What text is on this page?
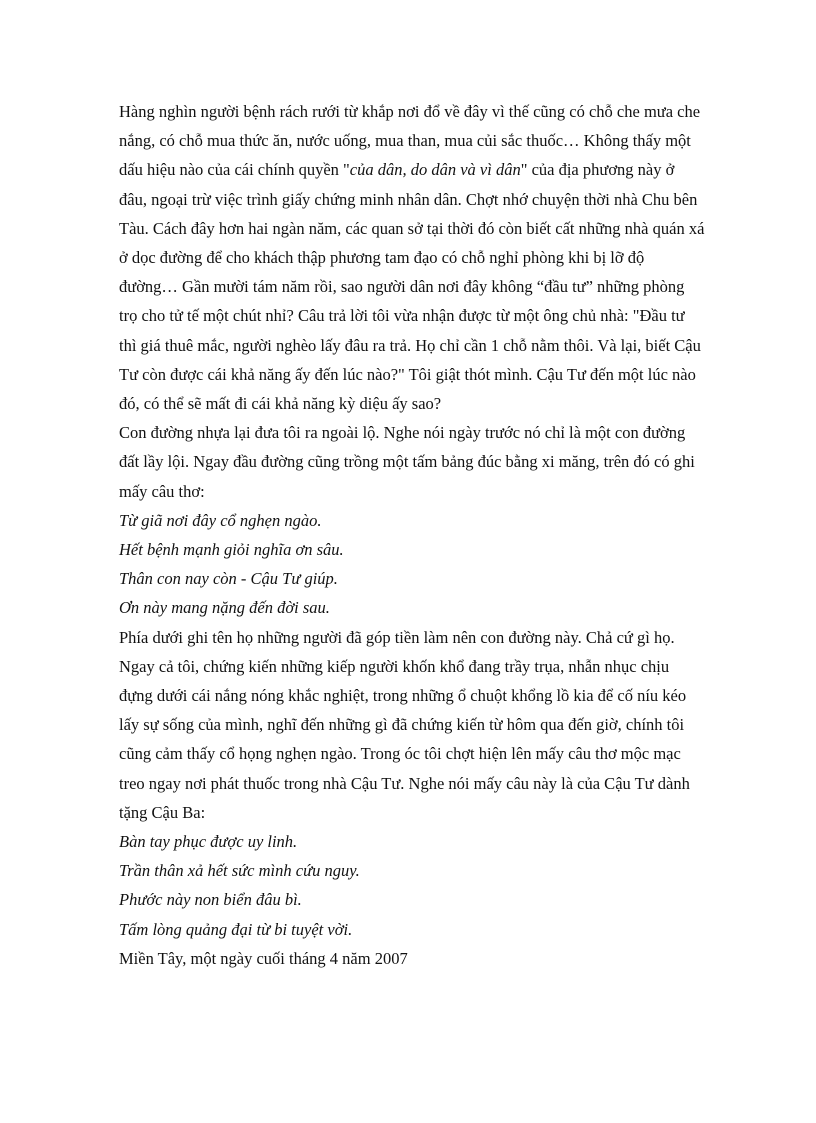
Hàng nghìn người bệnh rách rưới từ khắp nơi đổ về đây vì thế cũng có chỗ che mưa che nắng, có chỗ mua thức ăn, nước uống, mua than, mua củi sắc thuốc… Không thấy một dấu hiệu nào của cái chính quyền "của dân, do dân và vì dân" của địa phương này ở đâu, ngoại trừ việc trình giấy chứng minh nhân dân. Chợt nhớ chuyện thời nhà Chu bên Tàu. Cách đây hơn hai ngàn năm, các quan sở tại thời đó còn biết cất những nhà quán xá ở dọc đường để cho khách thập phương tam đạo có chỗ nghỉ phòng khi bị lỡ độ đường… Gần mười tám năm rồi, sao người dân nơi đây không “đầu tư” những phòng trọ cho tử tế một chút nhỉ? Câu trả lời tôi vừa nhận được từ một ông chủ nhà: "Đầu tư thì giá thuê mắc, người nghèo lấy đâu ra trả. Họ chỉ cần 1 chỗ nằm thôi. Và lại, biết Cậu Tư còn được cái khả năng ấy đến lúc nào?" Tôi giật thót mình. Cậu Tư đến một lúc nào đó, có thể sẽ mất đi cái khả năng kỳ diệu ấy sao?

Con đường nhựa lại đưa tôi ra ngoài lộ. Nghe nói ngày trước nó chỉ là một con đường đất lầy lội. Ngay đầu đường cũng trồng một tấm bảng đúc bằng xi măng, trên đó có ghi mấy câu thơ:

Từ giã nơi đây cổ nghẹn ngào.

Hết bệnh mạnh giỏi nghĩa ơn sâu.

Thân con nay còn - Cậu Tư giúp.

Ơn này mang nặng đến đời sau.

Phía dưới ghi tên họ những người đã góp tiền làm nên con đường này. Chả cứ gì họ. Ngay cả tôi, chứng kiến những kiếp người khốn khổ đang trầy trụa, nhẫn nhục chịu đựng dưới cái nắng nóng khắc nghiệt, trong những ổ chuột khổng lồ kia để cố níu kéo lấy sự sống của mình, nghĩ đến những gì đã chứng kiến từ hôm qua đến giờ, chính tôi cũng cảm thấy cổ họng nghẹn ngào. Trong óc tôi chợt hiện lên mấy câu thơ mộc mạc treo ngay nơi phát thuốc trong nhà Cậu Tư. Nghe nói mấy câu này là của Cậu Tư dành tặng Cậu Ba:

Bàn tay phục được uy linh.

Trần thân xả hết sức mình cứu nguy.

Phước này non biển đâu bì.

Tấm lòng quảng đại từ bi tuyệt vời.

Miền Tây, một ngày cuối tháng 4 năm 2007
